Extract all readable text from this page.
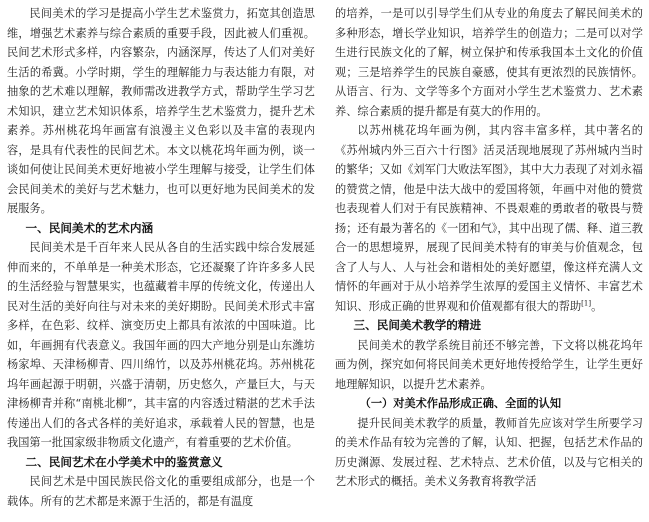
民间美术的学习是提高小学生艺术鉴赏力，拓宽其创造思维，增强艺术素养与综合素质的重要手段，因此被人们重视。民间艺术形式多样，内容繁杂，内涵深厚，传达了人们对美好生活的希冀。小学时期，学生的理解能力与表达能力有限，对抽象的艺术难以理解，教师需改进教学方式，帮助学生学习艺术知识，建立艺术知识体系，培养学生艺术鉴赏力，提升艺术素养。苏州桃花坞年画富有浪漫主义色彩以及丰富的表现内容，是具有代表性的民间艺术。本文以桃花坞年画为例，谈一谈如何使让民间美术更好地被小学生理解与接受，让学生们体会民间美术的美好与艺术魅力，也可以更好地为民间美术的发展服务。

一、民间美术的艺术内涵

民间美术是千百年来人民从各自的生活实践中综合发展延伸而来的，不单单是一种美术形态，它还凝聚了许许多多人民的生活经验与智慧果实，也蕴藏着丰厚的传统文化，传递出人民对生活的美好向往与对未来的美好期盼。民间美术形式丰富多样，在色彩、纹样、演变历史上都具有浓浓的中国味道。比如，年画拥有代表意义。我国年画的四大产地分别是山东潍坊杨家埠、天津杨柳青、四川绵竹，以及苏州桃花坞。苏州桃花坞年画起源于明朝，兴盛于清朝，历史悠久，产量巨大，与天津杨柳青并称“南桃北柳”，其丰富的内容透过精湛的艺术手法传递出人们的各式各样的美好追求，承载着人民的智慧，也是我国第一批国家级非物质文化遗产，有着重要的艺术价值。

二、民间艺术在小学美术中的鉴赏意义

民间艺术是中国民族民俗文化的重要组成部分，也是一个载体。所有的艺术都是来源于生活的，都是有温度

的培养，一是可以引导学生们从专业的角度去了解民间美术的多种形态，增长学业知识，培养学生的创造力；二是可以对学生进行民族文化的了解，树立保护和传承我国本土文化的价值观；三是培养学生的民族自豪感，使其有更浓烈的民族情怀。从语言、行为、文学等多个方面对小学生艺术鉴赏力、艺术素养、综合素质的提升都是有莫大的作用的。

以苏州桃花坞年画为例，其内容丰富多样，其中著名的《苏州城内外三百六十行图》活灵活现地展现了苏州城内当时的繁华；又如《刘军门大败法军图》，其中大力表现了对刘永福的赞赏之情，他是中法大战中的爱国将领，年画中对他的赞赏也表现着人们对于有民族精神、不畏艰难的勇敢者的敬畏与赞扬；还有最为著名的《一团和气》，其中出现了儒、释、道三教合一的思想境界，展现了民间美术特有的审美与价值观念，包含了人与人、人与社会和谐相处的美好愿望，像这样充满人文情怀的年画对于从小培养学生浓厚的爱国主义情怀、丰富艺术知识、形成正确的世界观和价值观都有很大的帮助[1]。

三、民间美术教学的精进

民间美术的教学系统目前还不够完善，下文将以桃花坞年画为例，探究如何将民间美术更好地传授给学生，让学生更好地理解知识，以提升艺术素养。

（一）对美术作品形成正确、全面的认知

提升民间美术教学的质量，教师首先应该对学生所要学习的美术作品有较为完善的了解，认知、把握，包括艺术作品的历史渊源、发展过程、艺术特点、艺术价值，以及与它相关的艺术形式的概括。美术义务教育将教学活
